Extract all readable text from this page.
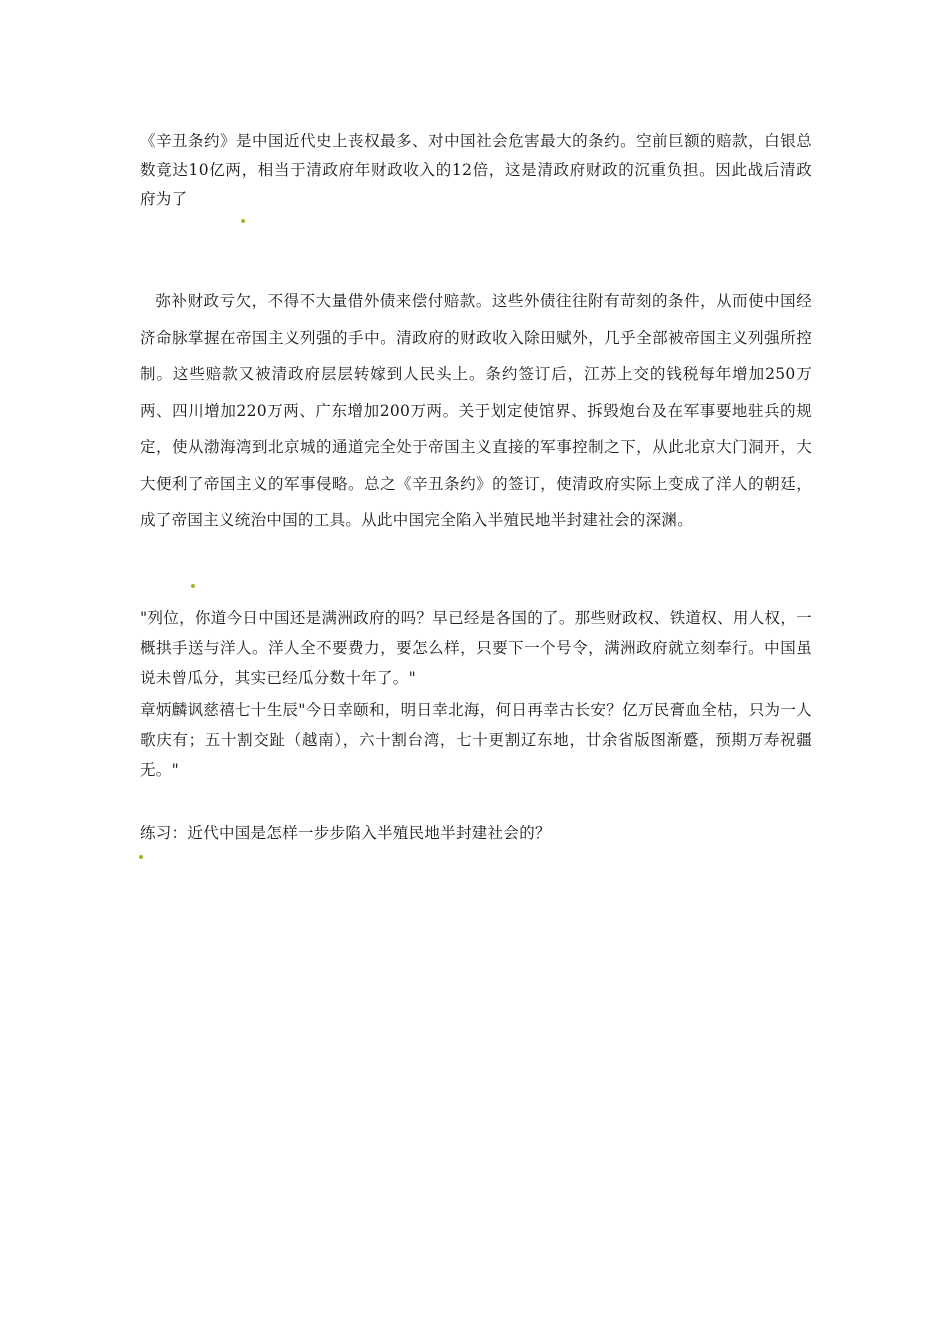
《辛丑条约》是中国近代史上丧权最多、对中国社会危害最大的条约。空前巨额的赔款，白银总数竟达10亿两，相当于清政府年财政收入的12倍，这是清政府财政的沉重负担。因此战后清政府为了

弥补财政亏欠，不得不大量借外债来偿付赔款。这些外债往往附有苛刻的条件，从而使中国经济命脉掌握在帝国主义列强的手中。清政府的财政收入除田赋外，几乎全部被帝国主义列强所控制。这些赔款又被清政府层层转嫁到人民头上。条约签订后，江苏上交的钱税每年增加250万两、四川增加220万两、广东增加200万两。关于划定使馆界、拆毁炮台及在军事要地驻兵的规定，使从渤海湾到北京城的通道完全处于帝国主义直接的军事控制之下，从此北京大门洞开，大大便利了帝国主义的军事侵略。总之《辛丑条约》的签订，使清政府实际上变成了洋人的朝廷，成了帝国主义统治中国的工具。从此中国完全陷入半殖民地半封建社会的深渊。

"列位，你道今日中国还是满洲政府的吗？早已经是各国的了。那些财政权、铁道权、用人权，一概拱手送与洋人。洋人全不要费力，要怎么样，只要下一个号令，满洲政府就立刻奉行。中国虽说未曾瓜分，其实已经瓜分数十年了。"

章炳麟讽慈禧七十生辰"今日幸颐和，明日幸北海，何日再幸古长安？亿万民膏血全枯，只为一人歌庆有；五十割交趾（越南），六十割台湾，七十更割辽东地，廿余省版图渐蹙，预期万寿祝疆无。"

练习：近代中国是怎样一步步陷入半殖民地半封建社会的？
